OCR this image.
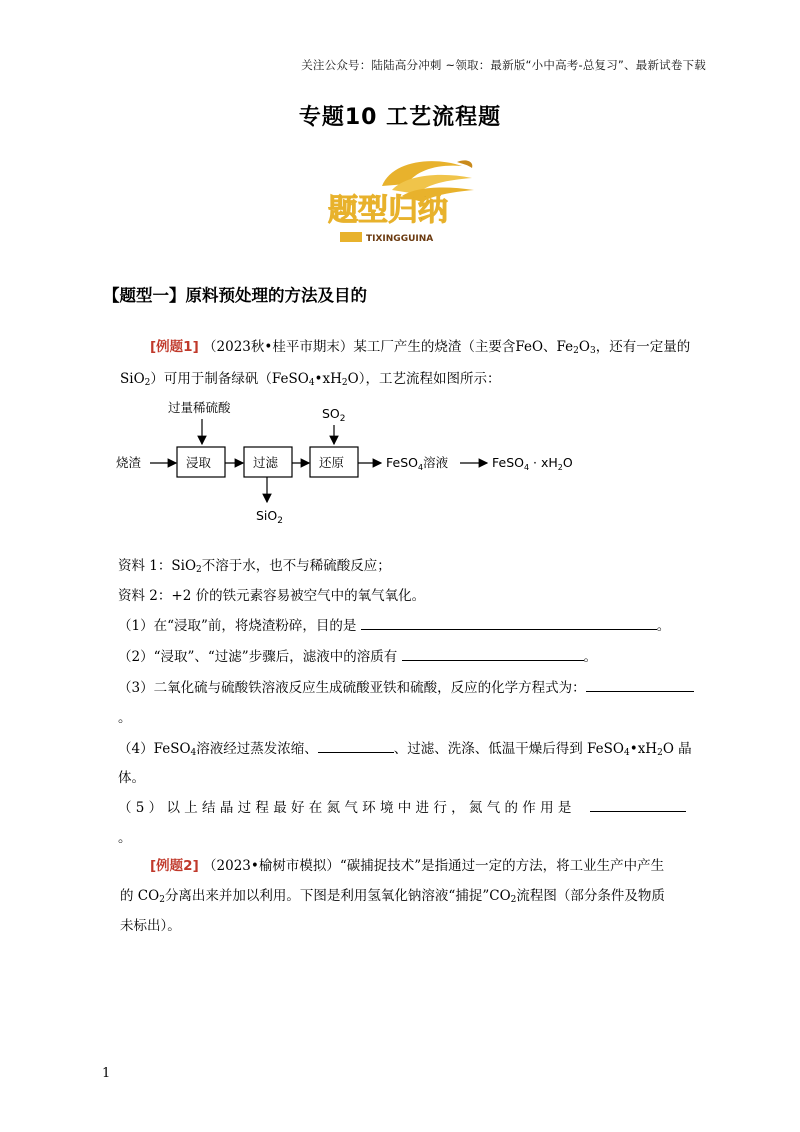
关注公众号：陆陆高分冲刺 ~领取：最新版“小中高考-总复习”、最新试卷下载
专题10 工艺流程题
题型归纳
TIXINGGUINA
【题型一】原料预处理的方法及目的
[例题1] （2023秋•桂平市期末）某工厂产生的烧渣（主要含FeO、$Fe_2O_3$，还有一定量的
SiO$_2$）可用于制备绿矾$(FeSO_4•xH_2O)$，工艺流程如图所示：
过量稀硫酸	$SO_2$
烧渣	浸取	过滤
SiO$_2$
还原	FeSO$_4$溶液	FeSO$_4$ · $xH_2O$
资料 1：SiO$_2$不溶于水，也不与稀硫酸反应；
资料 2：+2 价的铁元素容易被空气中的氧气氧化。
（1）在“浸取”前，将烧渣粉碎，目的是	。
（2）“浸取”、“过滤”步骤后，滤液中的溶质有	。
（3）二氧化硫与硫酸铁溶液反应生成硫酸亚铁和硫酸，反应的化学方程式为：
。
（4）FeSO$_4$溶液经过蒸发浓缩、	、过滤、洗涤、低温干燥后得到 $FeSO_4•xH_2O$ 晶
体。
（ 5 ） 以 上 结 晶 过 程 最 好 在 氮 气 环 境 中 进 行 ， 氮 气 的 作 用 是
。
[例题2] （2023•榆树市模拟）“碳捕捉技术”是指通过一定的方法，将工业生产中产生
的 $CO_2$分离出来并加以利用。下图是利用氢氧化钠溶液“捕捉$”CO_2$流程图（部分条件及物质
未标出）。
1
